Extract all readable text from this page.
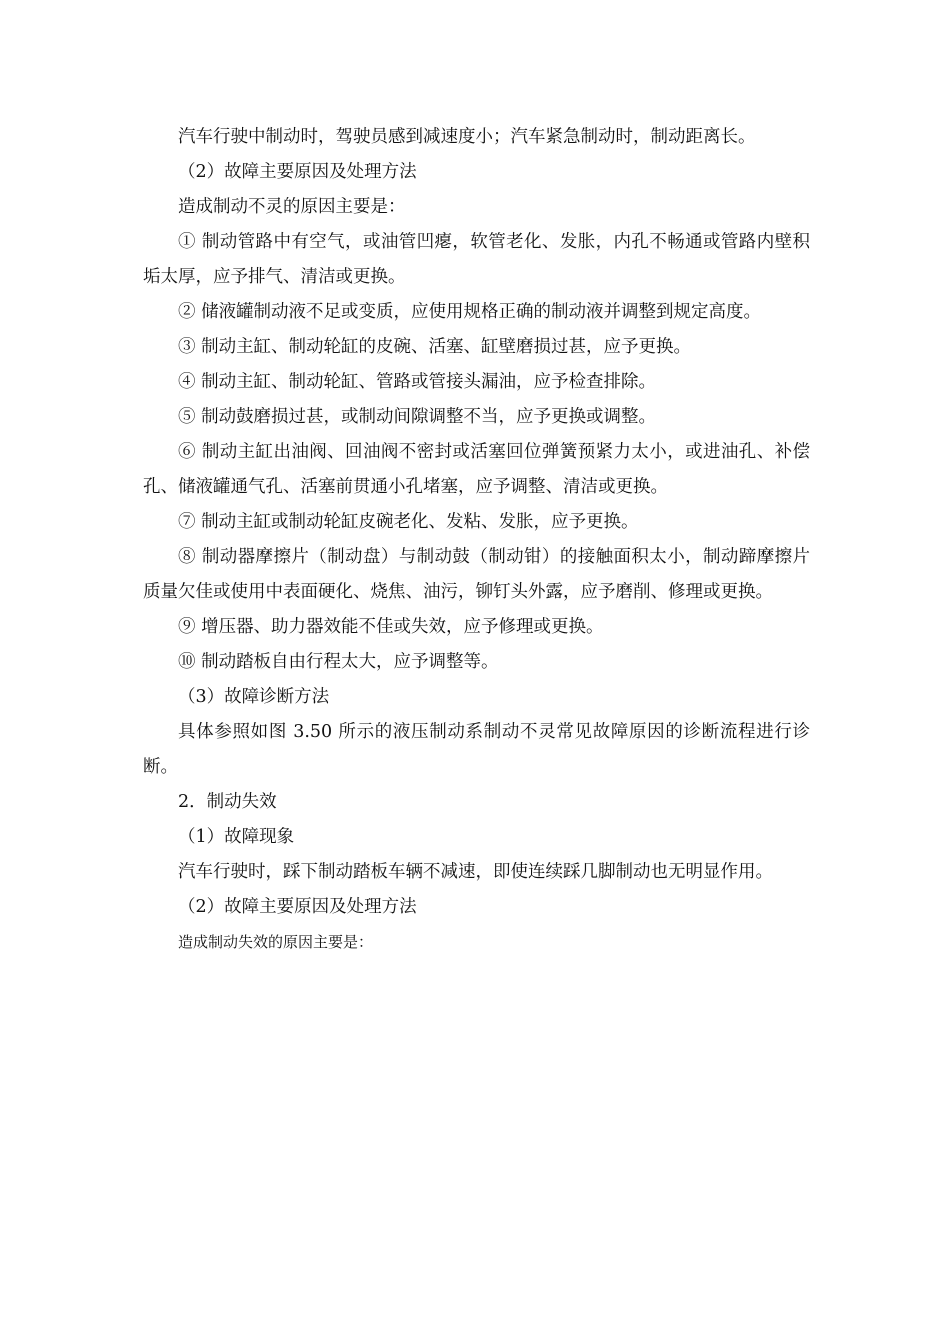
汽车行驶中制动时，驾驶员感到减速度小；汽车紧急制动时，制动距离长。

（2）故障主要原因及处理方法

造成制动不灵的原因主要是：

① 制动管路中有空气，或油管凹瘪，软管老化、发胀，内孔不畅通或管路内壁积垢太厚，应予排气、清洁或更换。

② 储液罐制动液不足或变质，应使用规格正确的制动液并调整到规定高度。

③ 制动主缸、制动轮缸的皮碗、活塞、缸壁磨损过甚，应予更换。

④ 制动主缸、制动轮缸、管路或管接头漏油，应予检查排除。

⑤ 制动鼓磨损过甚，或制动间隙调整不当，应予更换或调整。

⑥ 制动主缸出油阀、回油阀不密封或活塞回位弹簧预紧力太小，或进油孔、补偿孔、储液罐通气孔、活塞前贯通小孔堵塞，应予调整、清洁或更换。

⑦ 制动主缸或制动轮缸皮碗老化、发粘、发胀，应予更换。

⑧ 制动器摩擦片（制动盘）与制动鼓（制动钳）的接触面积太小，制动蹄摩擦片质量欠佳或使用中表面硬化、烧焦、油污，铆钉头外露，应予磨削、修理或更换。

⑨ 增压器、助力器效能不佳或失效，应予修理或更换。

⑩ 制动踏板自由行程太大，应予调整等。

（3）故障诊断方法

具体参照如图 3.50 所示的液压制动系制动不灵常见故障原因的诊断流程进行诊断。

2．制动失效

（1）故障现象

汽车行驶时，踩下制动踏板车辆不减速，即使连续踩几脚制动也无明显作用。

（2）故障主要原因及处理方法

造成制动失效的原因主要是：
